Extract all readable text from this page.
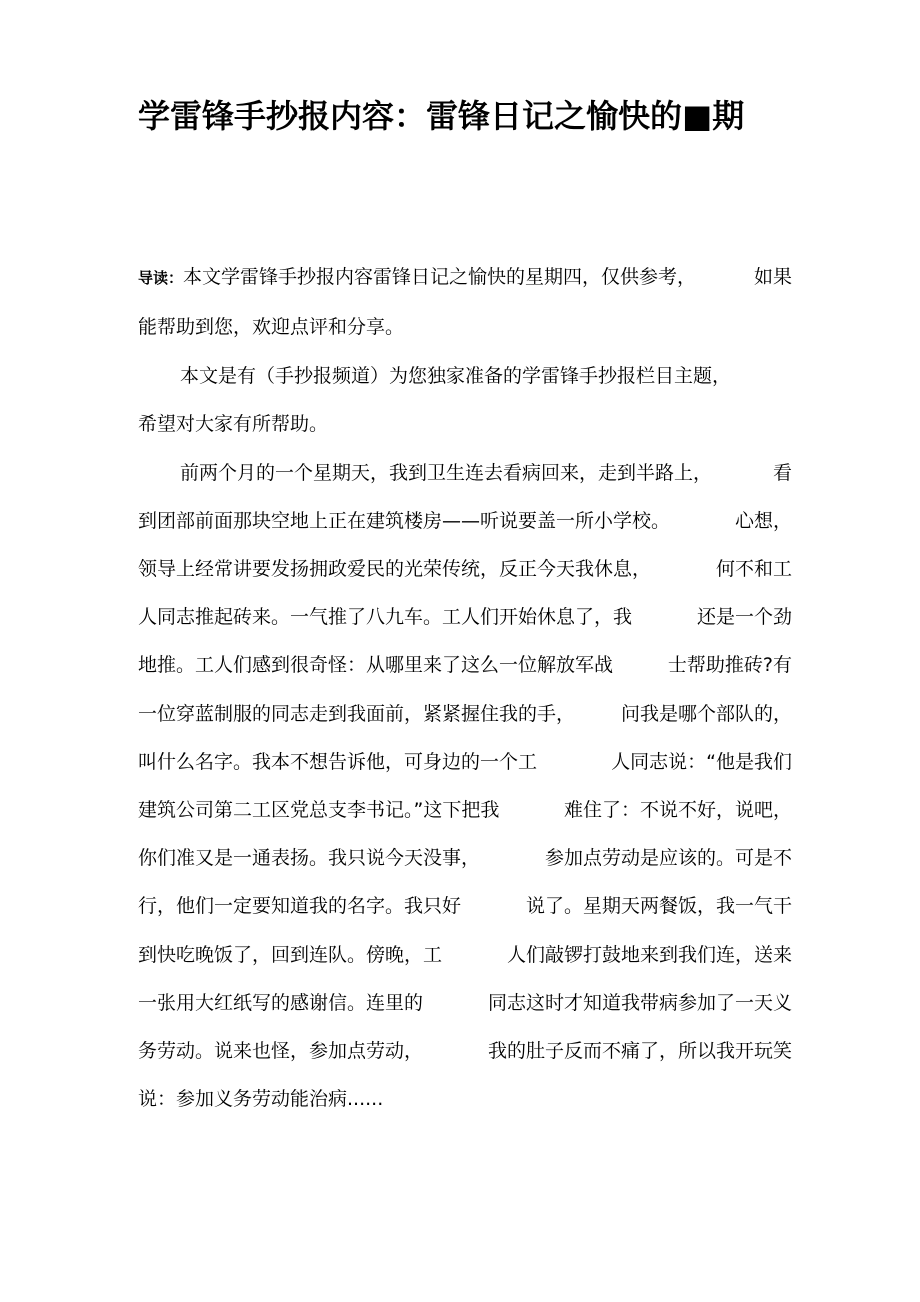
学雷锋手抄报内容：雷锋日记之愉快的■期
导读：本文学雷锋手抄报内容雷锋日记之愉快的星期四，仅供参考，	如果
能帮助到您，欢迎点评和分享。
本文是有（手抄报频道）为您独家准备的学雷锋手抄报栏目主题，
希望对大家有所帮助。
前两个月的一个星期天，我到卫生连去看病回来，走到半路上，	看
到团部前面那块空地上正在建筑楼房——听说要盖一所小学校。	心想，
领导上经常讲要发扬拥政爱民的光荣传统，反正今天我休息，	何不和工
人同志推起砖来。一气推了八九车。工人们开始休息了，我	还是一个劲
地推。工人们感到很奇怪：从哪里来了这么一位解放军战	士帮助推砖?有
一位穿蓝制服的同志走到我面前，紧紧握住我的手， 问我是哪个部队的，
叫什么名字。我本不想告诉他，可身边的一个工	人同志说：“他是我们
建筑公司第二工区党总支李书记。”这下把我	难住了：不说不好，说吧，
你们准又是一通表扬。我只说今天没事，	参加点劳动是应该的。可是不
行，他们一定要知道我的名字。我只好	说了。星期天两餐饭，我一气干
到快吃晚饭了，回到连队。傍晚，工	人们敲锣打鼓地来到我们连，送来
一张用大红纸写的感谢信。连里的	同志这时才知道我带病参加了一天义
务劳动。说来也怪，参加点劳动，	我的肚子反而不痛了，所以我开玩笑
说：参加义务劳动能治病......
